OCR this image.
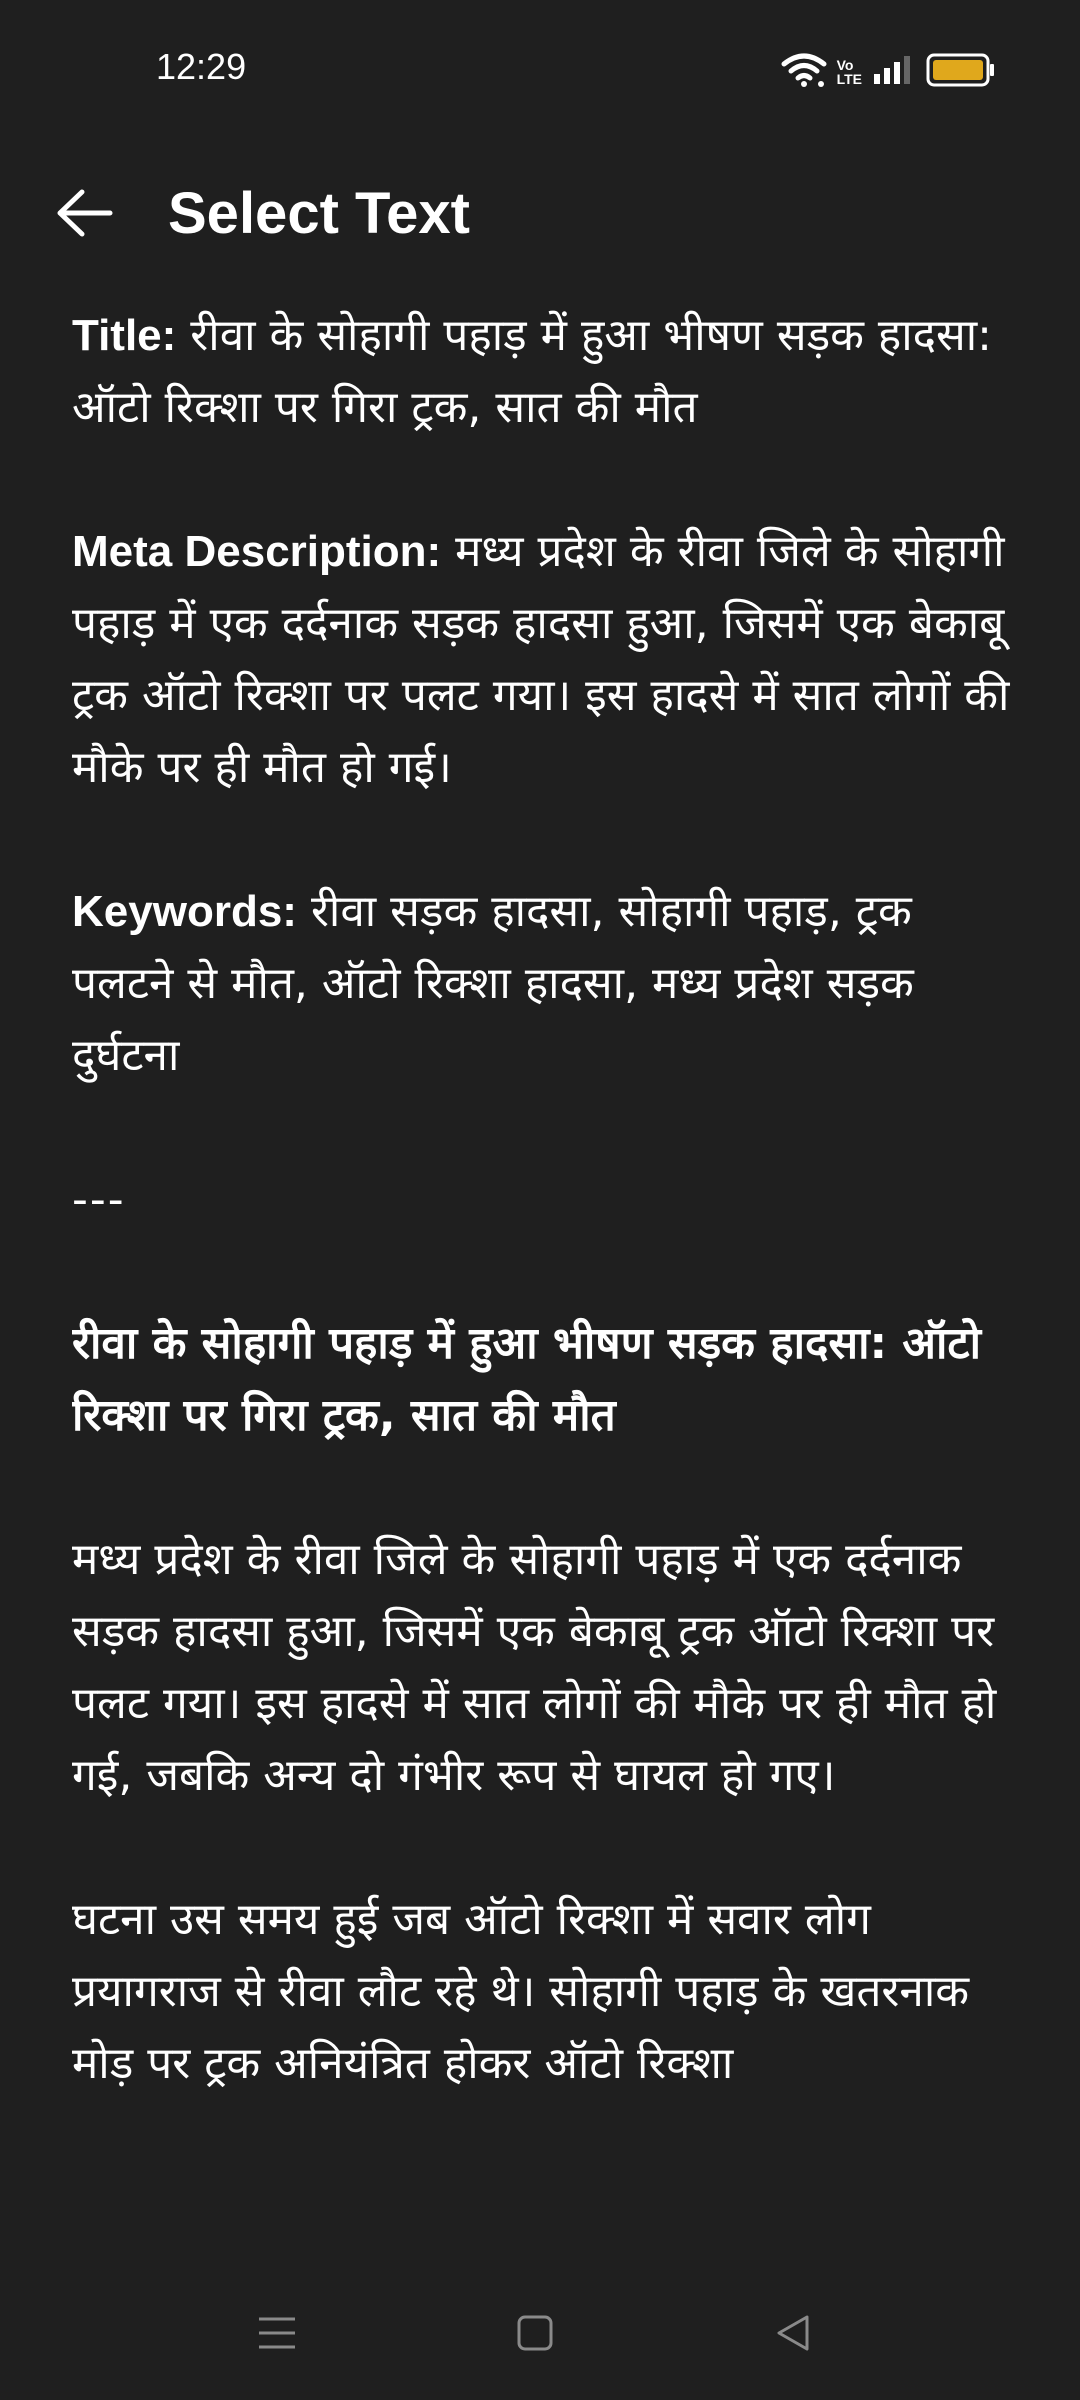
12:29	Vo
LTE
Select Text

Title: रीवा के सोहागी पहाड़ में हुआ भीषण सड़क हादसा: ऑटो रिक्शा पर गिरा ट्रक, सात की मौत

Meta Description: मध्य प्रदेश के रीवा जिले के सोहागी पहाड़ में एक दर्दनाक सड़क हादसा हुआ, जिसमें एक बेकाबू ट्रक ऑटो रिक्शा पर पलट गया। इस हादसे में सात लोगों की मौके पर ही मौत हो गई।

Keywords: रीवा सड़क हादसा, सोहागी पहाड़, ट्रक पलटने से मौत, ऑटो रिक्शा हादसा, मध्य प्रदेश सड़क दुर्घटना

---

रीवा के सोहागी पहाड़ में हुआ भीषण सड़क हादसा: ऑटो रिक्शा पर गिरा ट्रक, सात की मौत

मध्य प्रदेश के रीवा जिले के सोहागी पहाड़ में एक दर्दनाक सड़क हादसा हुआ, जिसमें एक बेकाबू ट्रक ऑटो रिक्शा पर पलट गया। इस हादसे में सात लोगों की मौके पर ही मौत हो गई, जबकि अन्य दो गंभीर रूप से घायल हो गए।

घटना उस समय हुई जब ऑटो रिक्शा में सवार लोग प्रयागराज से रीवा लौट रहे थे। सोहागी पहाड़ के खतरनाक मोड़ पर ट्रक अनियंत्रित होकर ऑटो रिक्शा
